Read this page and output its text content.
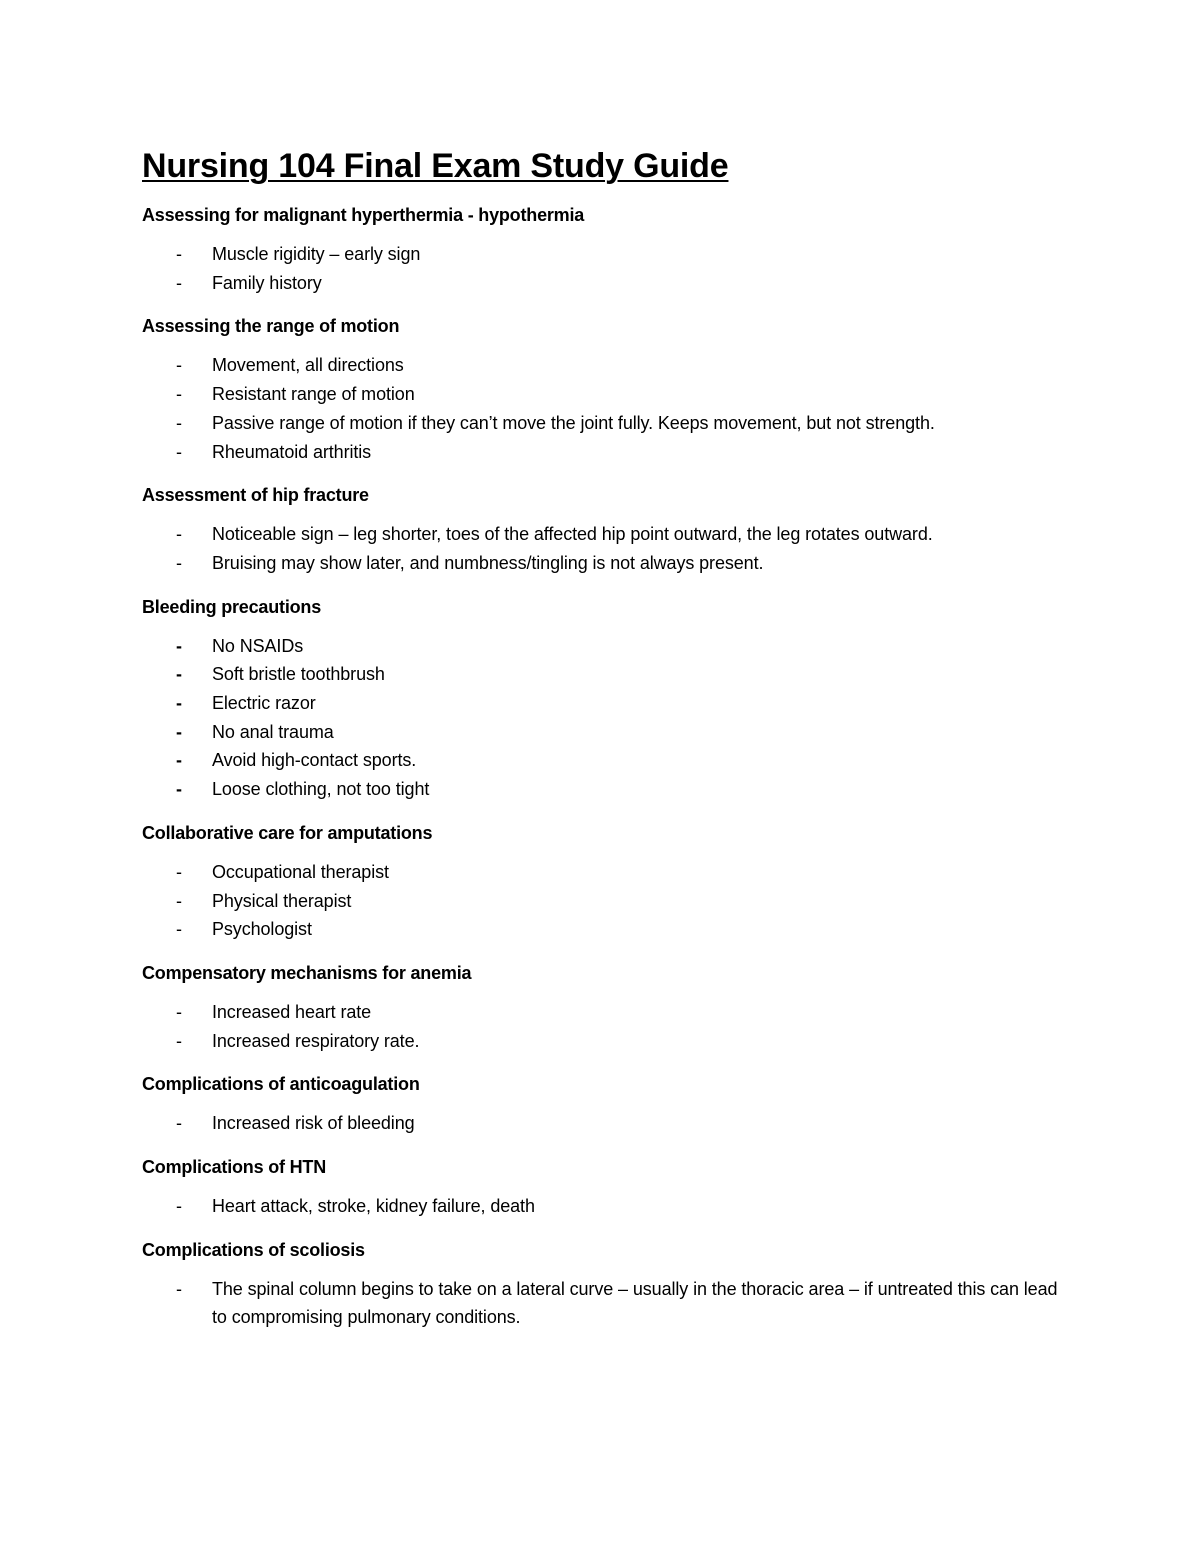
Nursing 104 Final Exam Study Guide
Assessing for malignant hyperthermia - hypothermia
-	Muscle rigidity – early sign
-	Family history
Assessing the range of motion
-	Movement, all directions
-	Resistant range of motion
-	Passive range of motion if they can’t move the joint fully. Keeps movement, but not strength.
-	Rheumatoid arthritis
Assessment of hip fracture
-	Noticeable sign – leg shorter, toes of the affected hip point outward, the leg rotates outward.
-	Bruising may show later, and numbness/tingling is not always present.
Bleeding precautions
-	No NSAIDs
-	Soft bristle toothbrush
-	Electric razor
-	No anal trauma
-	Avoid high-contact sports.
-	Loose clothing, not too tight
Collaborative care for amputations
-	Occupational therapist
-	Physical therapist
-	Psychologist
Compensatory mechanisms for anemia
-	Increased heart rate
-	Increased respiratory rate.
Complications of anticoagulation
-	Increased risk of bleeding
Complications of HTN
-	Heart attack, stroke, kidney failure, death
Complications of scoliosis
-	The spinal column begins to take on a lateral curve – usually in the thoracic area – if untreated this can lead to compromising pulmonary conditions.
